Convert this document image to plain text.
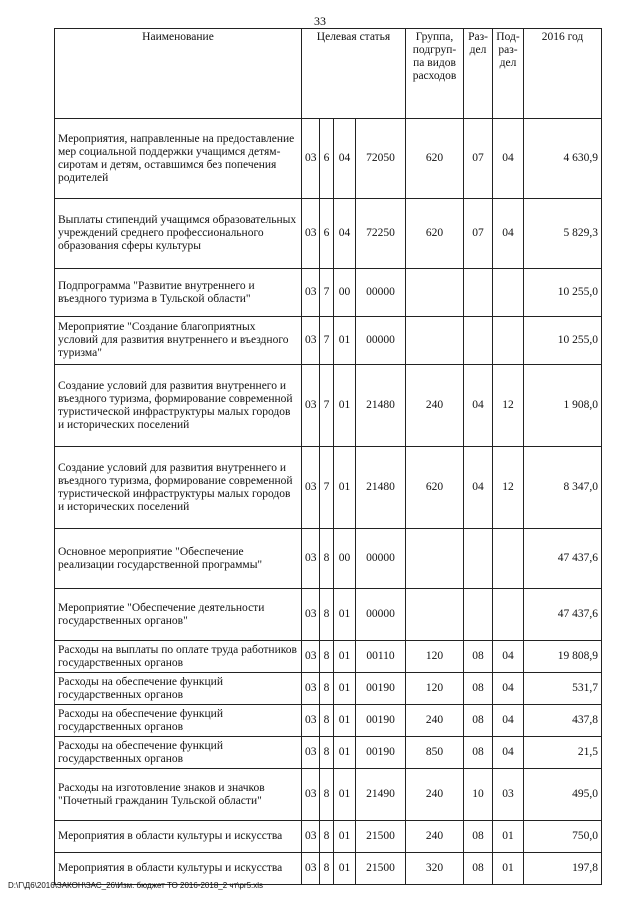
33
Наименование	Целевая статья				Группа, подгруп-па видов расходов	Раз-дел	Под-раз-дел	2016 год
Мероприятия, направленные на предоставление мер социальной поддержки учащимся детям-сиротам и детям, оставшимся без попечения родителей	03	6	04	72050	620	07	04	4 630,9
Выплаты стипендий учащимся образовательных учреждений среднего профессионального образования сферы культуры	03	6	04	72250	620	07	04	5 829,3
Подпрограмма "Развитие внутреннего и въездного туризма в Тульской области"	03	7	00	00000				10 255,0
Мероприятие "Создание благоприятных условий для развития внутреннего и въездного туризма"	03	7	01	00000				10 255,0
Создание условий для развития внутреннего и въездного туризма, формирование современной туристической инфраструктуры малых городов и исторических поселений	03	7	01	21480	240	04	12	1 908,0
Создание условий для развития внутреннего и въездного туризма, формирование современной туристической инфраструктуры малых городов и исторических поселений	03	7	01	21480	620	04	12	8 347,0
Основное мероприятие "Обеспечение реализации государственной программы"	03	8	00	00000				47 437,6
Мероприятие "Обеспечение деятельности государственных органов"	03	8	01	00000				47 437,6
Расходы на выплаты по оплате труда работников государственных органов	03	8	01	00110	120	08	04	19 808,9
Расходы на обеспечение функций государственных органов	03	8	01	00190	120	08	04	531,7
Расходы на обеспечение функций государственных органов	03	8	01	00190	240	08	04	437,8
Расходы на обеспечение функций государственных органов	03	8	01	00190	850	08	04	21,5
Расходы на изготовление знаков и значков "Почетный гражданин Тульской области"	03	8	01	21490	240	10	03	495,0
Мероприятия в области культуры и искусства	03	8	01	21500	240	08	01	750,0
Мероприятия в области культуры и искусства	03	8	01	21500	320	08	01	197,8
D:\Г\Д6\2016\ЗАКОН\ЗАС_26\Изм. бюджет ТО 2016-2018_2 чт\pr5.xls
